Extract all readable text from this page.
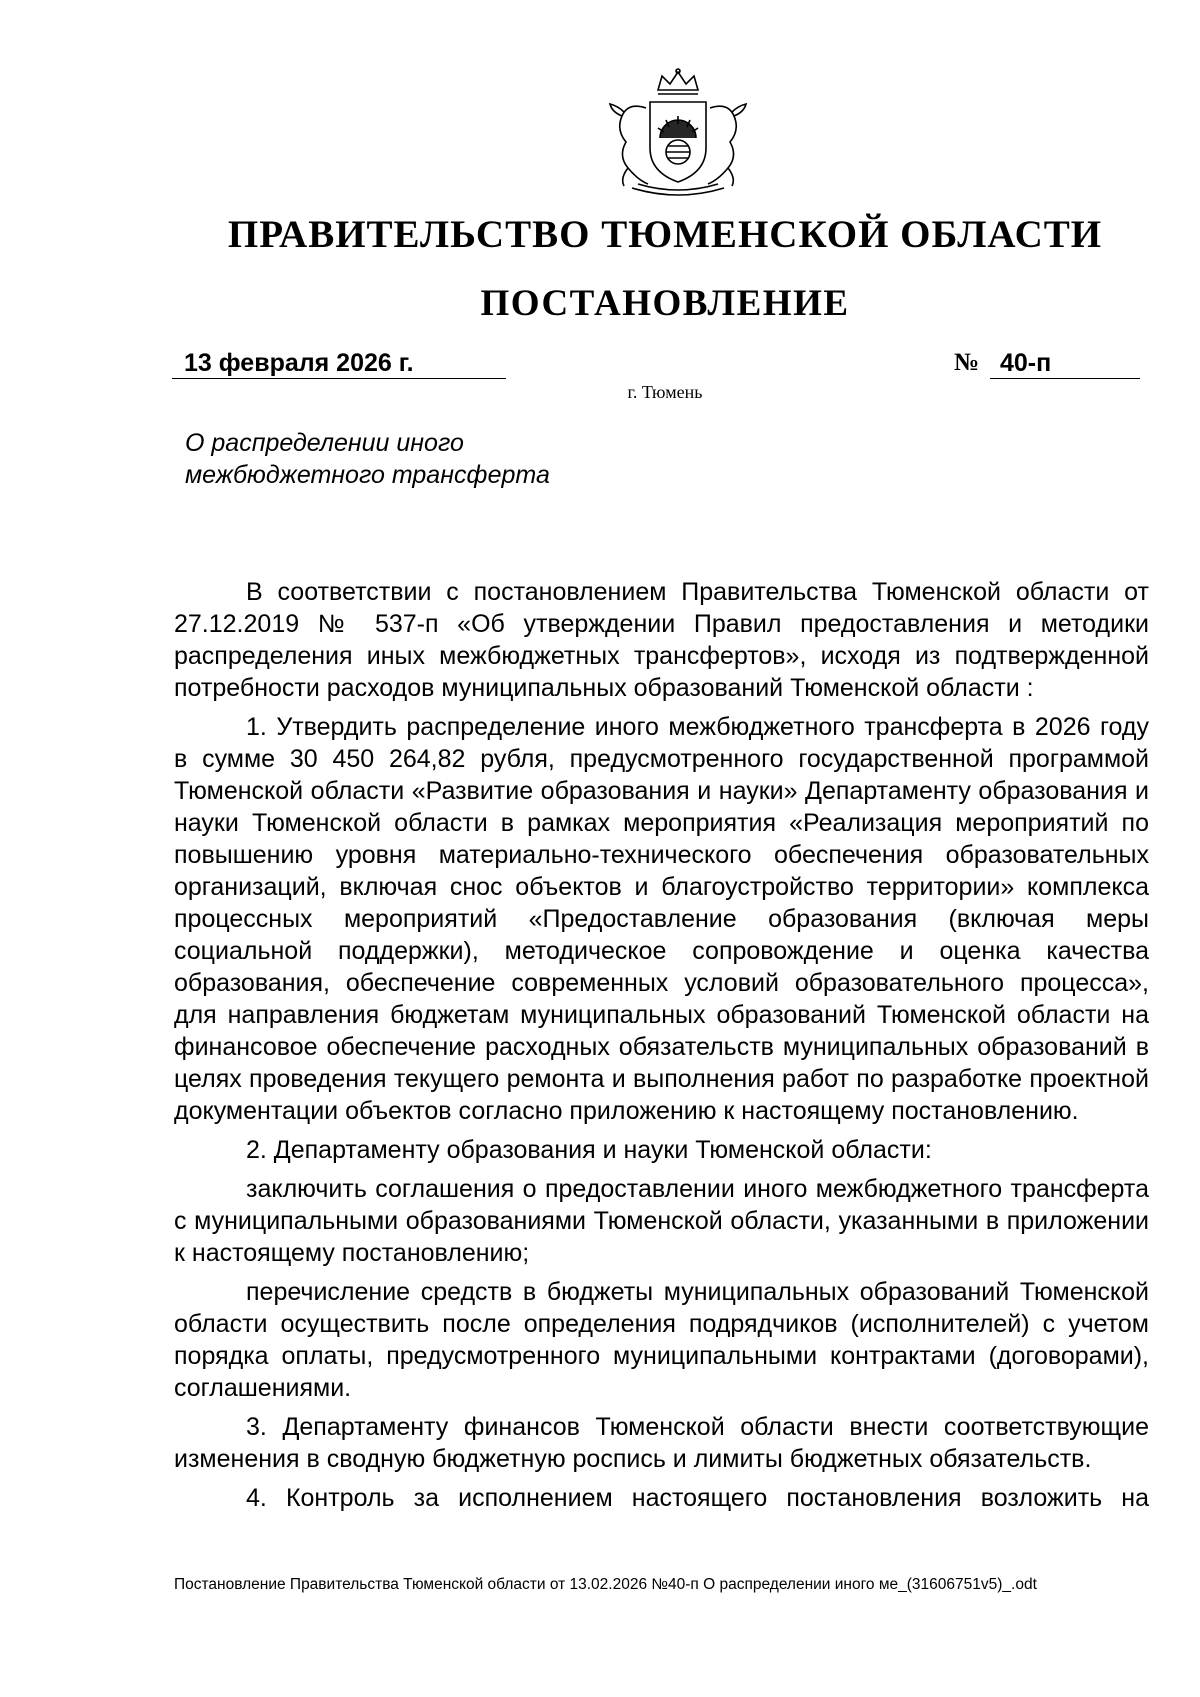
ПРАВИТЕЛЬСТВО ТЮМЕНСКОЙ ОБЛАСТИ
ПОСТАНОВЛЕНИЕ
13 февраля 2026 г.	№ 40-п
г. Тюмень
О распределении иного
межбюджетного трансферта

В соответствии с постановлением Правительства Тюменской области от 27.12.2019 № 537-п «Об утверждении Правил предоставления и методики распределения иных межбюджетных трансфертов», исходя из подтвержденной потребности расходов муниципальных образований Тюменской области :

1. Утвердить распределение иного межбюджетного трансферта в 2026 году в сумме 30 450 264,82 рубля, предусмотренного государственной программой Тюменской области «Развитие образования и науки» Департаменту образования и науки Тюменской области в рамках мероприятия «Реализация мероприятий по повышению уровня материально-технического обеспечения образовательных организаций, включая снос объектов и благоустройство территории» комплекса процессных мероприятий «Предоставление образования (включая меры социальной поддержки), методическое сопровождение и оценка качества образования, обеспечение современных условий образовательного процесса», для направления бюджетам муниципальных образований Тюменской области на финансовое обеспечение расходных обязательств муниципальных образований в целях проведения текущего ремонта и выполнения работ по разработке проектной документации объектов согласно приложению к настоящему постановлению.

2. Департаменту образования и науки Тюменской области:

заключить соглашения о предоставлении иного межбюджетного трансферта с муниципальными образованиями Тюменской области, указанными в приложении к настоящему постановлению;

перечисление средств в бюджеты муниципальных образований Тюменской области осуществить после определения подрядчиков (исполнителей) с учетом порядка оплаты, предусмотренного муниципальными контрактами (договорами), соглашениями.

3. Департаменту финансов Тюменской области внести соответствующие изменения в сводную бюджетную роспись и лимиты бюджетных обязательств.

4. Контроль за исполнением настоящего постановления возложить на

Постановление Правительства Тюменской области от 13.02.2026 №40-п О распределении иного ме_(31606751v5)_.odt
